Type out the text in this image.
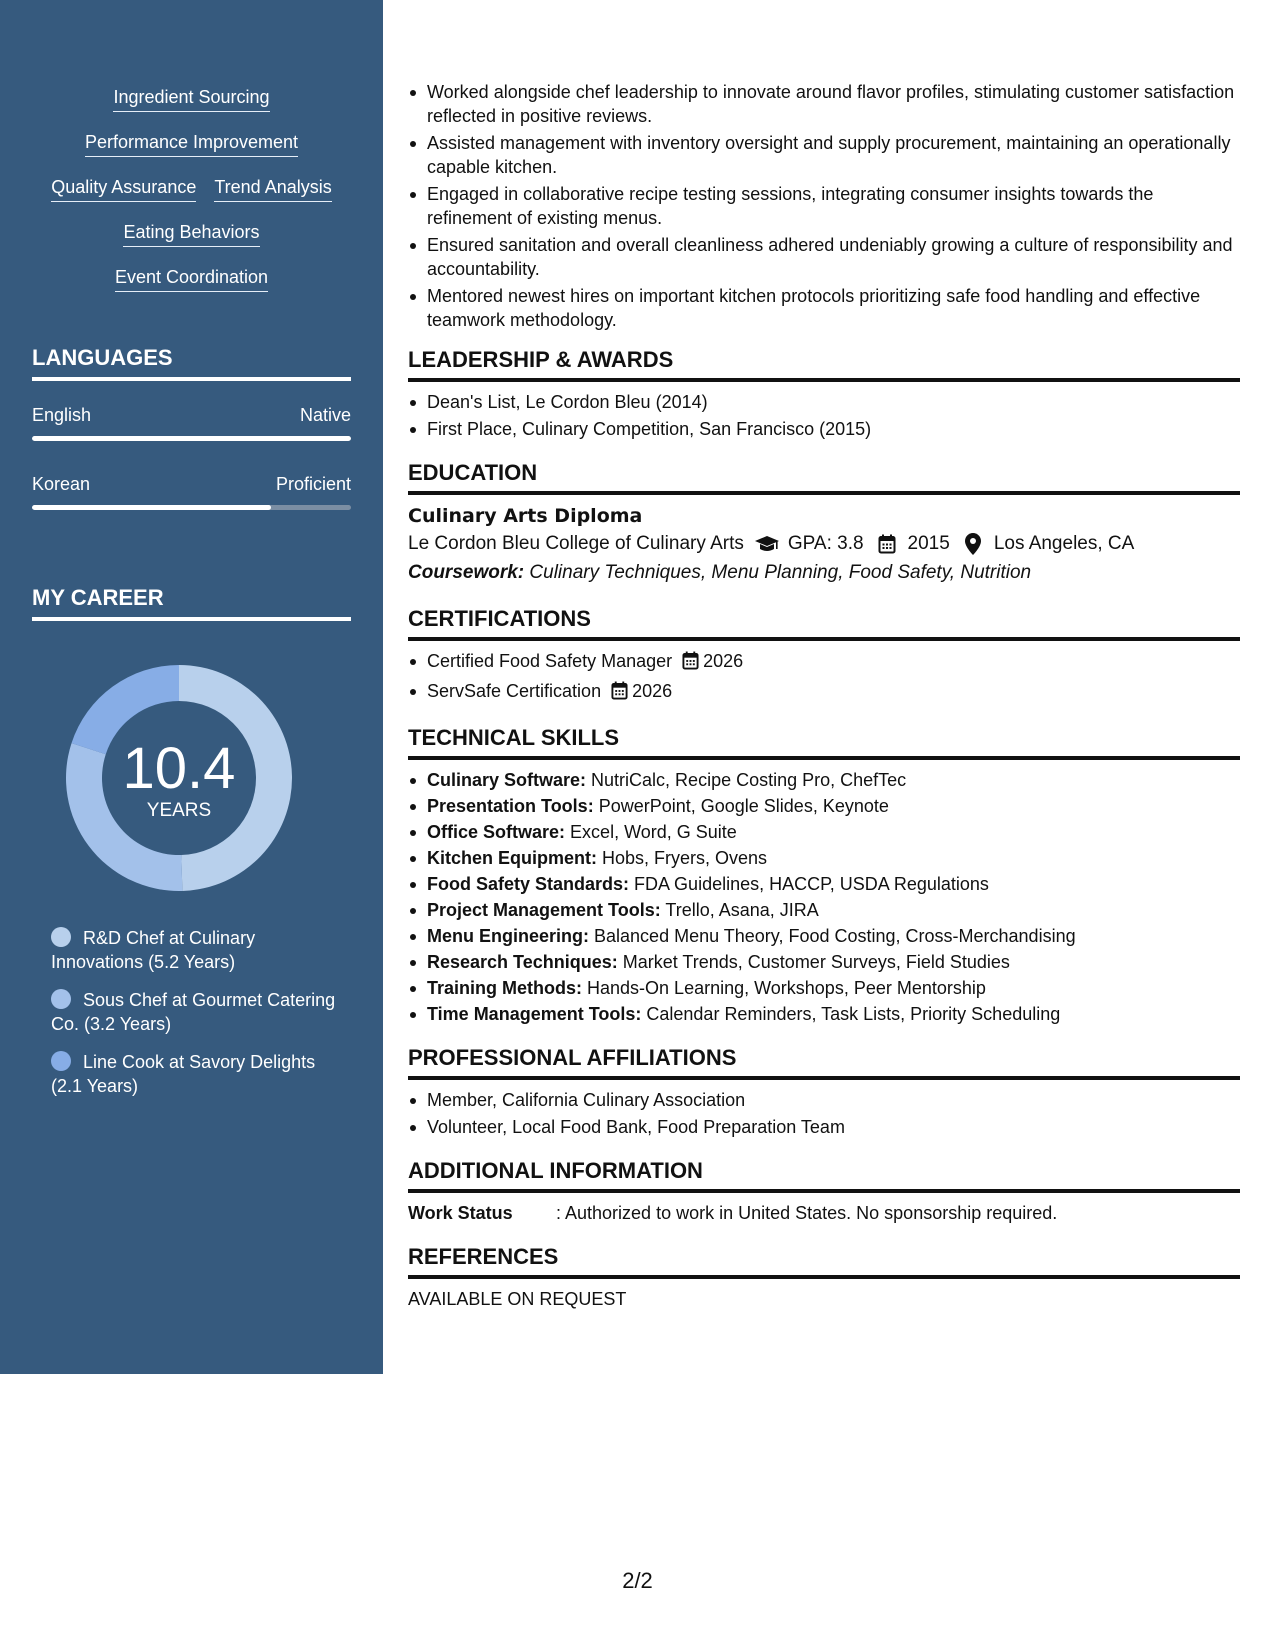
Ingredient Sourcing
Performance Improvement
Quality Assurance Trend Analysis
Eating Behaviors
Event Coordination
LANGUAGES
English	Native
Korean	Proficient
MY CAREER
10.4
YEARS
R&D Chef at Culinary Innovations (5.2 Years)
Sous Chef at Gourmet Catering Co. (3.2 Years)
Line Cook at Savory Delights (2.1 Years)
Worked alongside chef leadership to innovate around flavor profiles, stimulating customer satisfaction reflected in positive reviews.
Assisted management with inventory oversight and supply procurement, maintaining an operationally capable kitchen.
Engaged in collaborative recipe testing sessions, integrating consumer insights towards the refinement of existing menus.
Ensured sanitation and overall cleanliness adhered undeniably growing a culture of responsibility and accountability.
Mentored newest hires on important kitchen protocols prioritizing safe food handling and effective teamwork methodology.
LEADERSHIP & AWARDS
Dean's List, Le Cordon Bleu (2014)
First Place, Culinary Competition, San Francisco (2015)
EDUCATION
Culinary Arts Diploma
Le Cordon Bleu College of Culinary Arts GPA: 3.8 2015 Los Angeles, CA
Coursework: Culinary Techniques, Menu Planning, Food Safety, Nutrition
CERTIFICATIONS
Certified Food Safety Manager 2026
ServSafe Certification 2026
TECHNICAL SKILLS
Culinary Software: NutriCalc, Recipe Costing Pro, ChefTec
Presentation Tools: PowerPoint, Google Slides, Keynote
Office Software: Excel, Word, G Suite
Kitchen Equipment: Hobs, Fryers, Ovens
Food Safety Standards: FDA Guidelines, HACCP, USDA Regulations
Project Management Tools: Trello, Asana, JIRA
Menu Engineering: Balanced Menu Theory, Food Costing, Cross-Merchandising
Research Techniques: Market Trends, Customer Surveys, Field Studies
Training Methods: Hands-On Learning, Workshops, Peer Mentorship
Time Management Tools: Calendar Reminders, Task Lists, Priority Scheduling
PROFESSIONAL AFFILIATIONS
Member, California Culinary Association
Volunteer, Local Food Bank, Food Preparation Team
ADDITIONAL INFORMATION
Work Status	: Authorized to work in United States. No sponsorship required.
REFERENCES
AVAILABLE ON REQUEST
2/2
